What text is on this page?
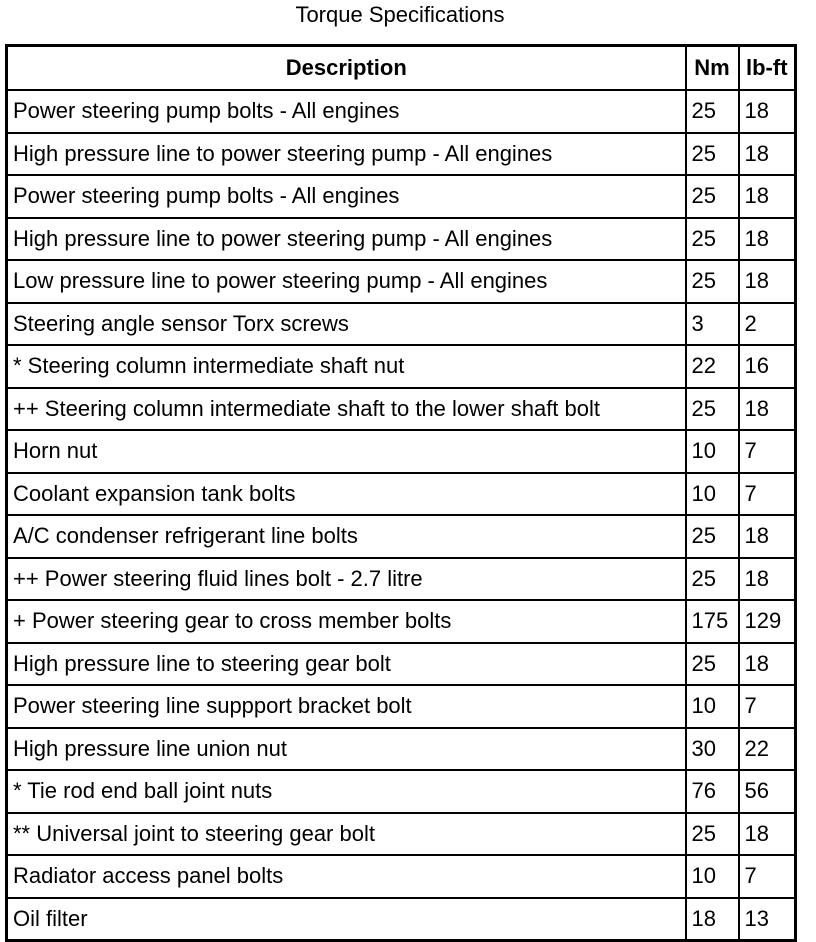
Torque Specifications
Description	Nm	lb-ft
Power steering pump bolts - All engines	25	18
High pressure line to power steering pump - All engines	25	18
Power steering pump bolts - All engines	25	18
High pressure line to power steering pump - All engines	25	18
Low pressure line to power steering pump - All engines	25	18
Steering angle sensor Torx screws	3	2
* Steering column intermediate shaft nut	22	16
++ Steering column intermediate shaft to the lower shaft bolt	25	18
Horn nut	10	7
Coolant expansion tank bolts	10	7
A/C condenser refrigerant line bolts	25	18
++ Power steering fluid lines bolt - 2.7 litre	25	18
+ Power steering gear to cross member bolts	175	129
High pressure line to steering gear bolt	25	18
Power steering line suppport bracket bolt	10	7
High pressure line union nut	30	22
* Tie rod end ball joint nuts	76	56
** Universal joint to steering gear bolt	25	18
Radiator access panel bolts	10	7
Oil filter	18	13
